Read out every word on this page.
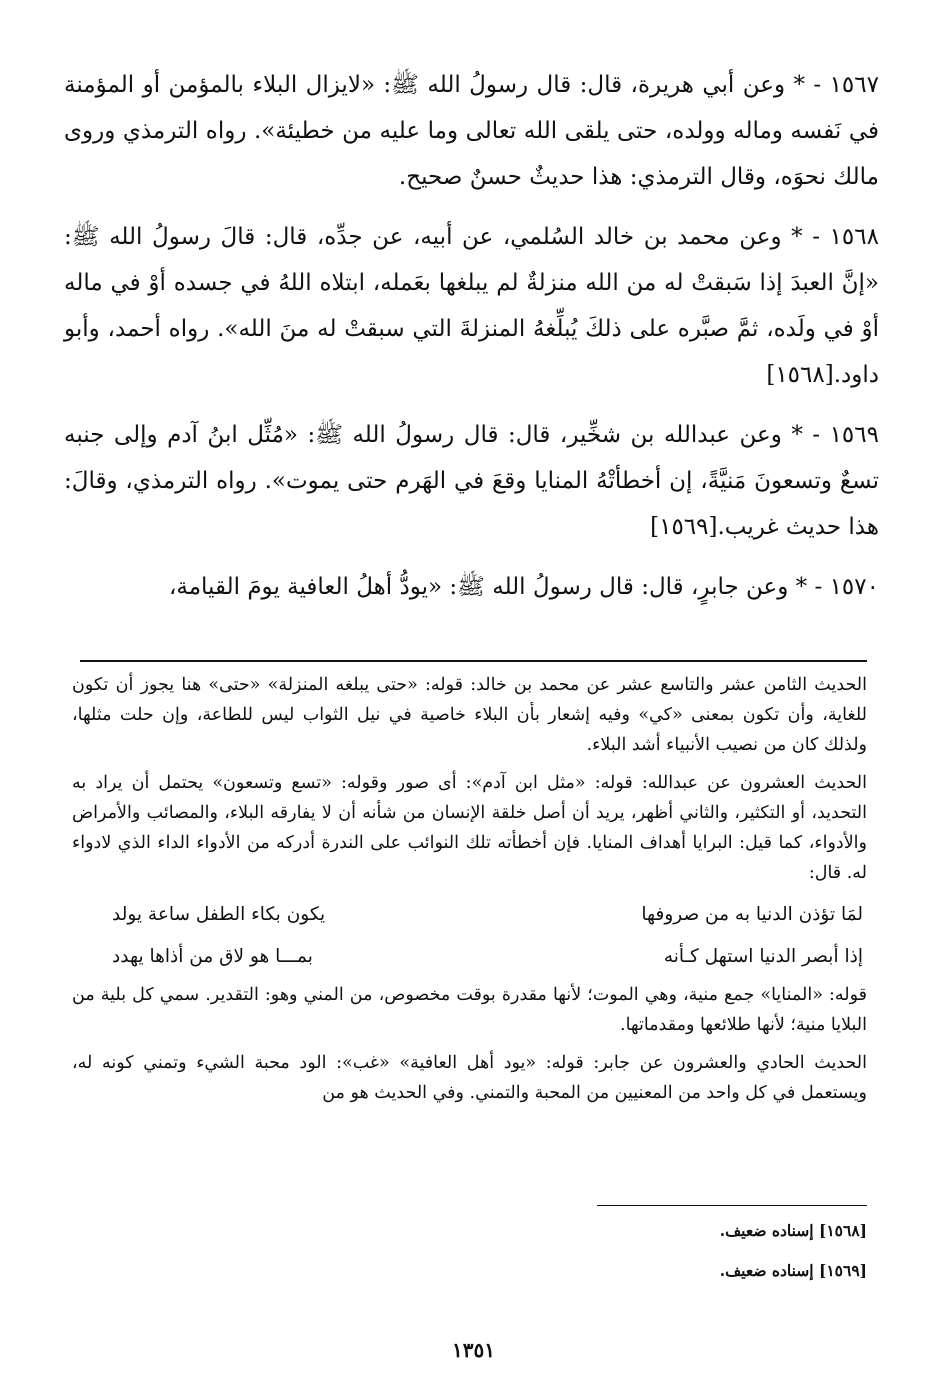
١٥٦٧ - * وعن أبي هريرة، قال: قال رسولُ الله ﷺ: «لايزال البلاء بالمؤمن أو المؤمنة في نَفسه وماله وولده، حتى يلقى الله تعالى وما عليه من خطيئة». رواه الترمذي وروى مالك نحوَه، وقال الترمذي: هذا حديثٌ حسنٌ صحيح.

١٥٦٨ - * وعن محمد بن خالد السُلمي، عن أبيه، عن جدِّه، قال: قالَ رسولُ الله ﷺ: «إنَّ العبدَ إذا سَبقتْ له من الله منزلةٌ لم يبلغها بعَمله، ابتلاه اللهُ في جسده أوْ في ماله أوْ في ولَده، ثمَّ صبَّره على ذلكَ يُبلِّغهُ المنزلةَ التي سبقتْ له منَ الله». رواه أحمد، وأبو داود.[١٥٦٨]

١٥٦٩ - * وعن عبدالله بن شخِّير، قال: قال رسولُ الله ﷺ: «مُثِّل ابنُ آدم وإلى جنبه تسعٌ وتسعونَ مَنيَّةً، إن أخطأتْهُ المنايا وقعَ في الهَرم حتى يموت». رواه الترمذي، وقالَ: هذا حديث غريب.[١٥٦٩]

١٥٧٠ - * وعن جابرٍ، قال: قال رسولُ الله ﷺ: «يودُّ أهلُ العافية يومَ القيامة،

الحديث الثامن عشر والتاسع عشر عن محمد بن خالد: قوله: «حتى يبلغه المنزلة» «حتى» هنا يجوز أن تكون للغاية، وأن تكون بمعنى «كي» وفيه إشعار بأن البلاء خاصية في نيل الثواب ليس للطاعة، وإن حلت مثلها، ولذلك كان من نصيب الأنبياء أشد البلاء.

الحديث العشرون عن عبدالله: قوله: «مثل ابن آدم»: أى صور وقوله: «تسع وتسعون» يحتمل أن يراد به التحديد، أو التكثير، والثاني أظهر، يريد أن أصل خلقة الإنسان من شأنه أن لا يفارقه البلاء، والمصائب والأمراض والأدواء، كما قيل: البرايا أهداف المنايا. فإن أخطأته تلك النوائب على الندرة أدركه من الأدواء الداء الذي لادواء له. قال:

لمَا تؤذن الدنيا به من صروفها
يكون بكاء الطفل ساعة يولد
إذا أبصر الدنيا استهل كـأنه
بمـــا هو لاق من أذاها يهدد

قوله: «المنايا» جمع منية، وهي الموت؛ لأنها مقدرة بوقت مخصوص، من المني وهو: التقدير. سمي كل بلية من البلايا منية؛ لأنها طلائعها ومقدماتها.

الحديث الحادي والعشرون عن جابر: قوله: «يود أهل العافية» «غب»: الود محبة الشيء وتمني كونه له، ويستعمل في كل واحد من المعنيين من المحبة والتمني. وفي الحديث هو من

[١٥٦٨] إسناده ضعيف.
[١٥٦٩] إسناده ضعيف.
١٣٥١
